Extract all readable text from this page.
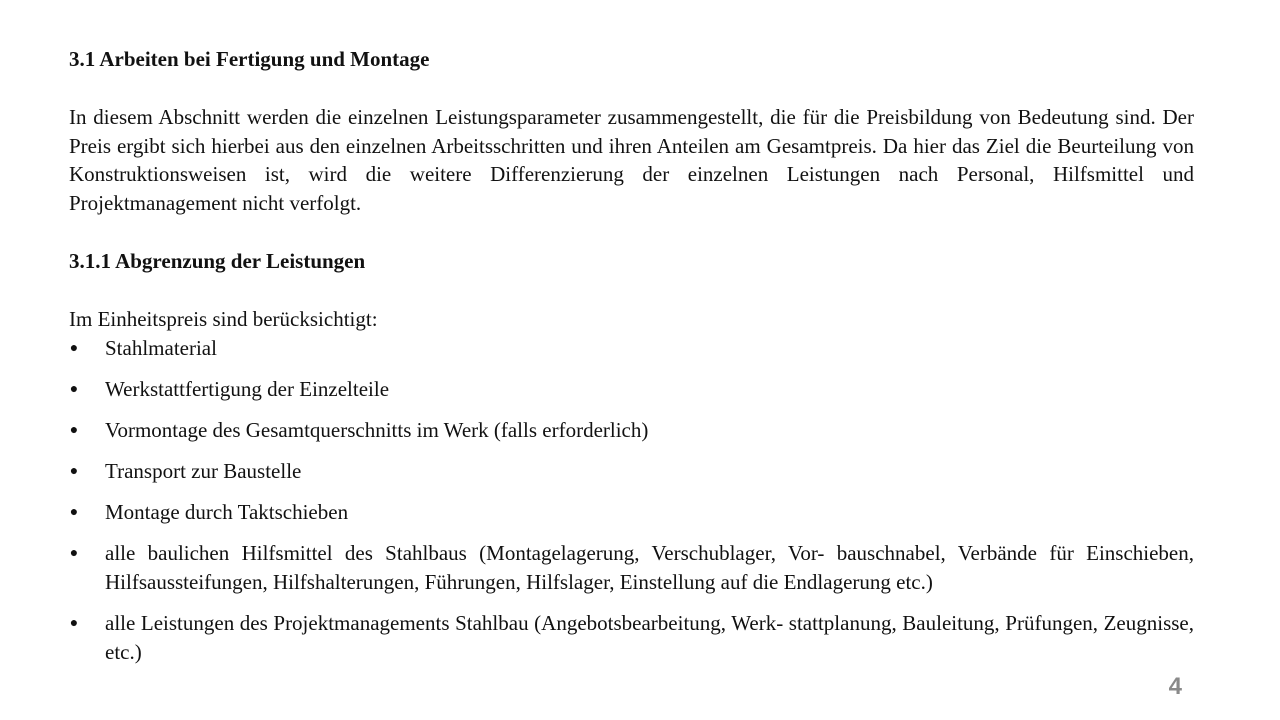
3.1 Arbeiten bei Fertigung und Montage

In diesem Abschnitt werden die einzelnen Leistungsparameter zusammengestellt, die für die Preisbildung von Bedeutung sind. Der Preis ergibt sich hierbei aus den einzelnen Arbeitsschritten und ihren Anteilen am Gesamtpreis. Da hier das Ziel die Beurteilung von Konstruktionsweisen ist, wird die weitere Differenzierung der einzelnen Leistungen nach Personal, Hilfsmittel und Projektmanagement nicht verfolgt.

3.1.1 Abgrenzung der Leistungen

Im Einheitspreis sind berücksichtigt:

● Stahlmaterial
● Werkstattfertigung der Einzelteile
● Vormontage des Gesamtquerschnitts im Werk (falls erforderlich)
● Transport zur Baustelle
● Montage durch Taktschieben
● alle baulichen Hilfsmittel des Stahlbaus (Montagelagerung, Verschublager, Vor- bauschnabel, Verbände für Einschieben, Hilfsaussteifungen, Hilfshalterungen, Führungen, Hilfslager, Einstellung auf die Endlagerung etc.)
● alle Leistungen des Projektmanagements Stahlbau (Angebotsbearbeitung, Werk- stattplanung, Bauleitung, Prüfungen, Zeugnisse, etc.)
4
